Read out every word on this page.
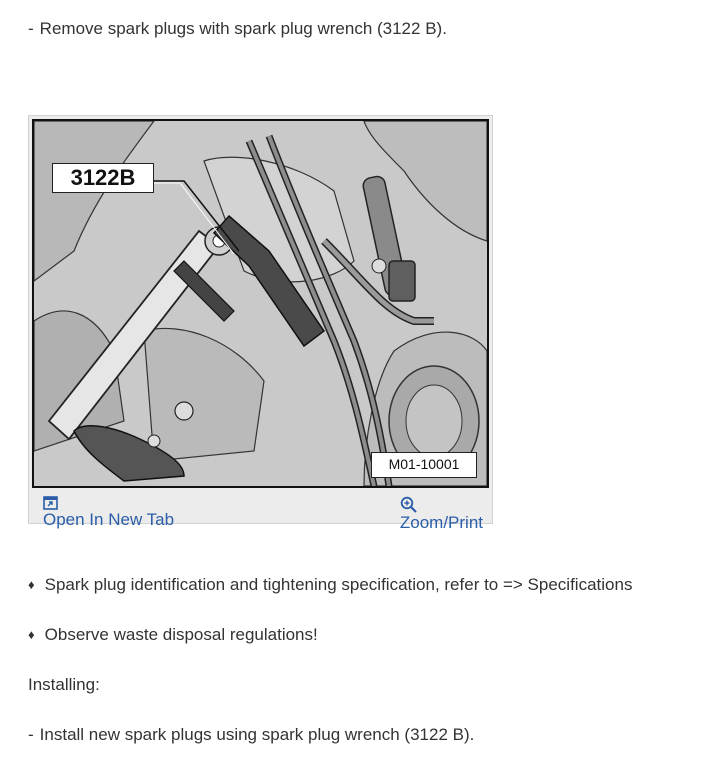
- Remove spark plugs with spark plug wrench (3122 B).
3122B
M01-10001
Open In New Tab	Zoom/Print
♦ Spark plug identification and tightening specification, refer to => Specifications
♦ Observe waste disposal regulations!
Installing:
- Install new spark plugs using spark plug wrench (3122 B).
